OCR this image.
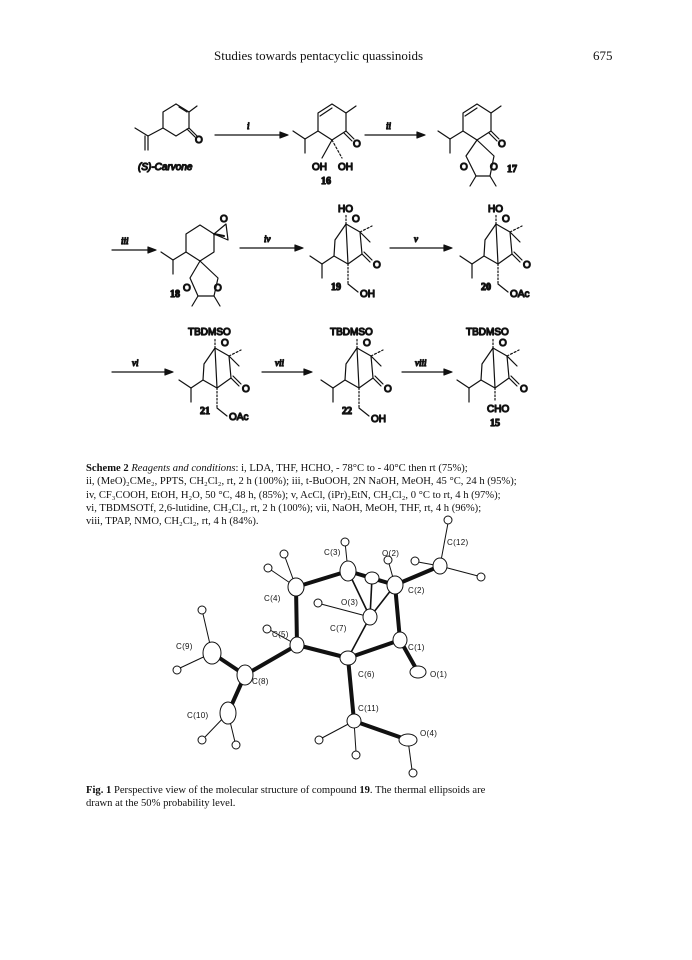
Studies towards pentacyclic quassinoids	675
O
(S)-Carvone
i
O
OH OH
16
ii
O
O O 17
iii
O
O O
18
iv
HO
O
O
OH
19
v
HO
O
O
OAc
20
vi
TBDMSO
O
O
OAc
21
vii
TBDMSO
O
O
OH
22
viii
TBDMSO
O
O
CHO
15
C(3)	O(2)
C(12)
C(2)
C(4)	O(3)
C(7)
C(5)
C(9)	C(1)
C(6)
C(8)
O(1)
C(10)
C(11)
O(4)
Scheme 2 Reagents and conditions: i, LDA, THF, HCHO, - 78°C to - 40°C then rt (75%);
ii, (MeO)₂CMe₂, PPTS, CH₂Cl₂, rt, 2 h (100%); iii, t-BuOOH, 2N NaOH, MeOH, 45 °C, 24 h (95%);
iv, CF₃COOH, EtOH, H₂O, 50 °C, 48 h, (85%); v, AcCl, (iPr)₂EtN, CH₂Cl₂, 0 °C to rt, 4 h (97%);
vi, TBDMSOTf, 2,6-lutidine, CH₂Cl₂, rt, 2 h (100%); vii, NaOH, MeOH, THF, rt, 4 h (96%);
viii, TPAP, NMO, CH₂Cl₂, rt, 4 h (84%).
Fig. 1 Perspective view of the molecular structure of compound 19. The thermal ellipsoids are
drawn at the 50% probability level.
